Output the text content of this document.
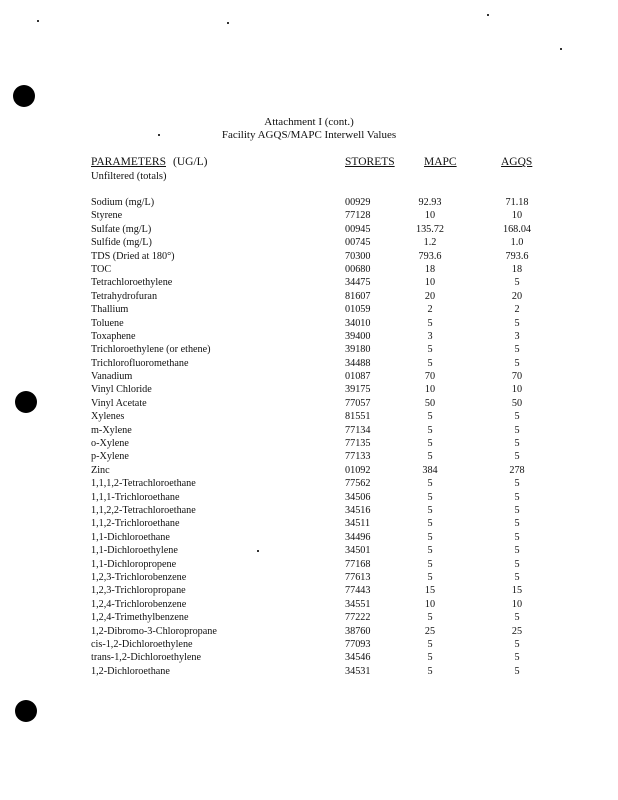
Attachment I (cont.)
Facility AGQS/MAPC Interwell Values
PARAMETERS (UG/L)	STORETS	MAPC	AGQS
Unfiltered (totals)
Sodium (mg/L)	00929	92.93	71.18
Styrene	77128	10	10
Sulfate (mg/L)	00945	135.72	168.04
Sulfide (mg/L)	00745	1.2	1.0
TDS (Dried at 180°)	70300	793.6	793.6
TOC	00680	18	18
Tetrachloroethylene	34475	10	5
Tetrahydrofuran	81607	20	20
Thallium	01059	2	2
Toluene	34010	5	5
Toxaphene	39400	3	3
Trichloroethylene (or ethene)	39180	5	5
Trichlorofluoromethane	34488	5	5
Vanadium	01087	70	70
Vinyl Chloride	39175	10	10
Vinyl Acetate	77057	50	50
Xylenes	81551	5	5
m-Xylene	77134	5	5
o-Xylene	77135	5	5
p-Xylene	77133	5	5
Zinc	01092	384	278
1,1,1,2-Tetrachloroethane	77562	5	5
1,1,1-Trichloroethane	34506	5	5
1,1,2,2-Tetrachloroethane	34516	5	5
1,1,2-Trichloroethane	34511	5	5
1,1-Dichloroethane	34496	5	5
1,1-Dichloroethylene	34501	5	5
1,1-Dichloropropene	77168	5	5
1,2,3-Trichlorobenzene	77613	5	5
1,2,3-Trichloropropane	77443	15	15
1,2,4-Trichlorobenzene	34551	10	10
1,2,4-Trimethylbenzene	77222	5	5
1,2-Dibromo-3-Chloropropane	38760	25	25
cis-1,2-Dichloroethylene	77093	5	5
trans-1,2-Dichloroethylene	34546	5	5
1,2-Dichloroethane	34531	5	5
